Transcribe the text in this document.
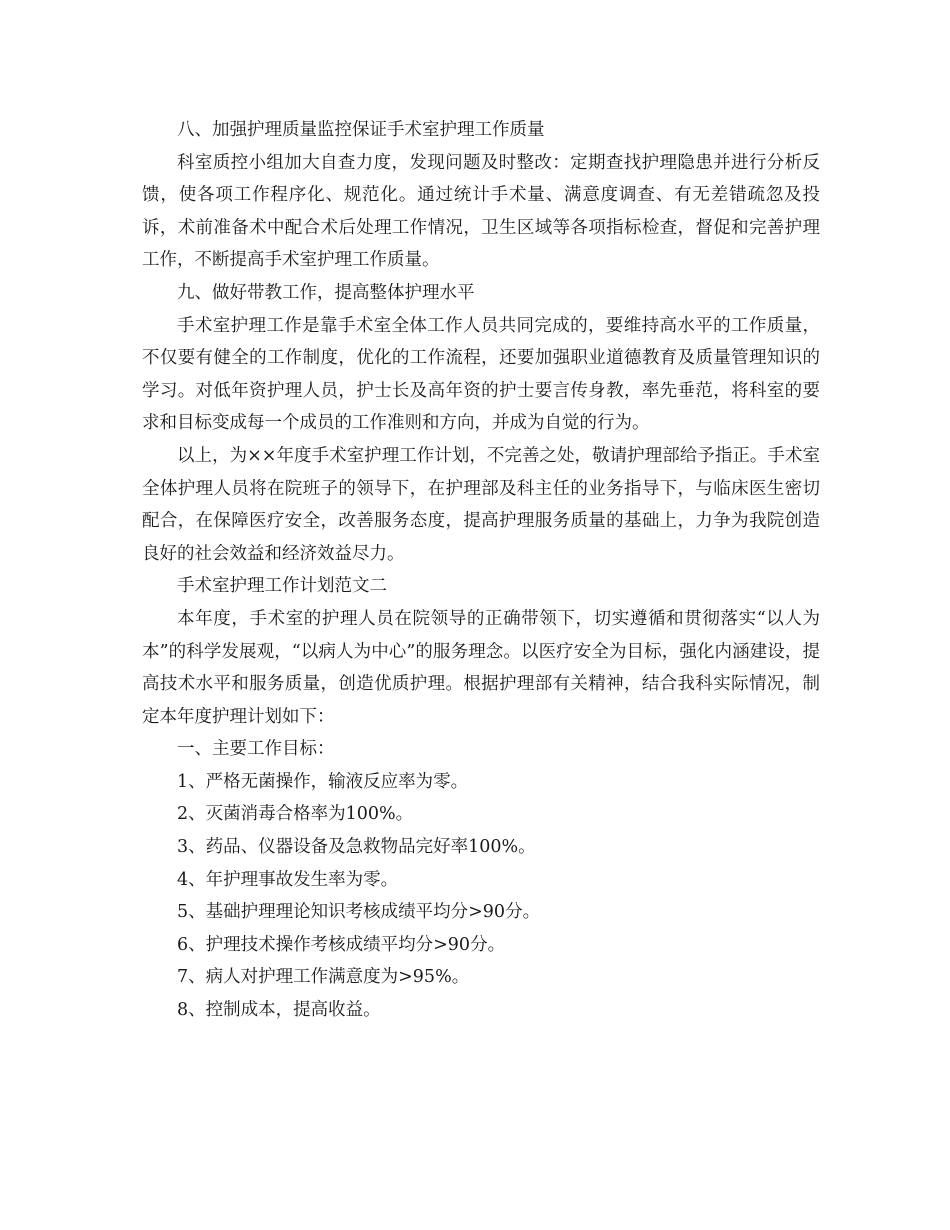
八、加强护理质量监控保证手术室护理工作质量

科室质控小组加大自查力度，发现问题及时整改：定期查找护理隐患并进行分析反馈，使各项工作程序化、规范化。通过统计手术量、满意度调查、有无差错疏忽及投诉，术前准备术中配合术后处理工作情况，卫生区域等各项指标检查，督促和完善护理工作，不断提高手术室护理工作质量。

九、做好带教工作，提高整体护理水平

手术室护理工作是靠手术室全体工作人员共同完成的，要维持高水平的工作质量，不仅要有健全的工作制度，优化的工作流程，还要加强职业道德教育及质量管理知识的学习。对低年资护理人员，护士长及高年资的护士要言传身教，率先垂范，将科室的要求和目标变成每一个成员的工作准则和方向，并成为自觉的行为。

以上，为××年度手术室护理工作计划，不完善之处，敬请护理部给予指正。手术室全体护理人员将在院班子的领导下，在护理部及科主任的业务指导下，与临床医生密切配合，在保障医疗安全，改善服务态度，提高护理服务质量的基础上，力争为我院创造良好的社会效益和经济效益尽力。

手术室护理工作计划范文二

本年度，手术室的护理人员在院领导的正确带领下，切实遵循和贯彻落实“以人为本”的科学发展观，“以病人为中心”的服务理念。以医疗安全为目标，强化内涵建设，提高技术水平和服务质量，创造优质护理。根据护理部有关精神，结合我科实际情况，制定本年度护理计划如下：

一、主要工作目标：

1、严格无菌操作，输液反应率为零。

2、灭菌消毒合格率为100%。

3、药品、仪器设备及急救物品完好率100%。

4、年护理事故发生率为零。

5、基础护理理论知识考核成绩平均分>90分。

6、护理技术操作考核成绩平均分>90分。

7、病人对护理工作满意度为>95%。

8、控制成本，提高收益。
